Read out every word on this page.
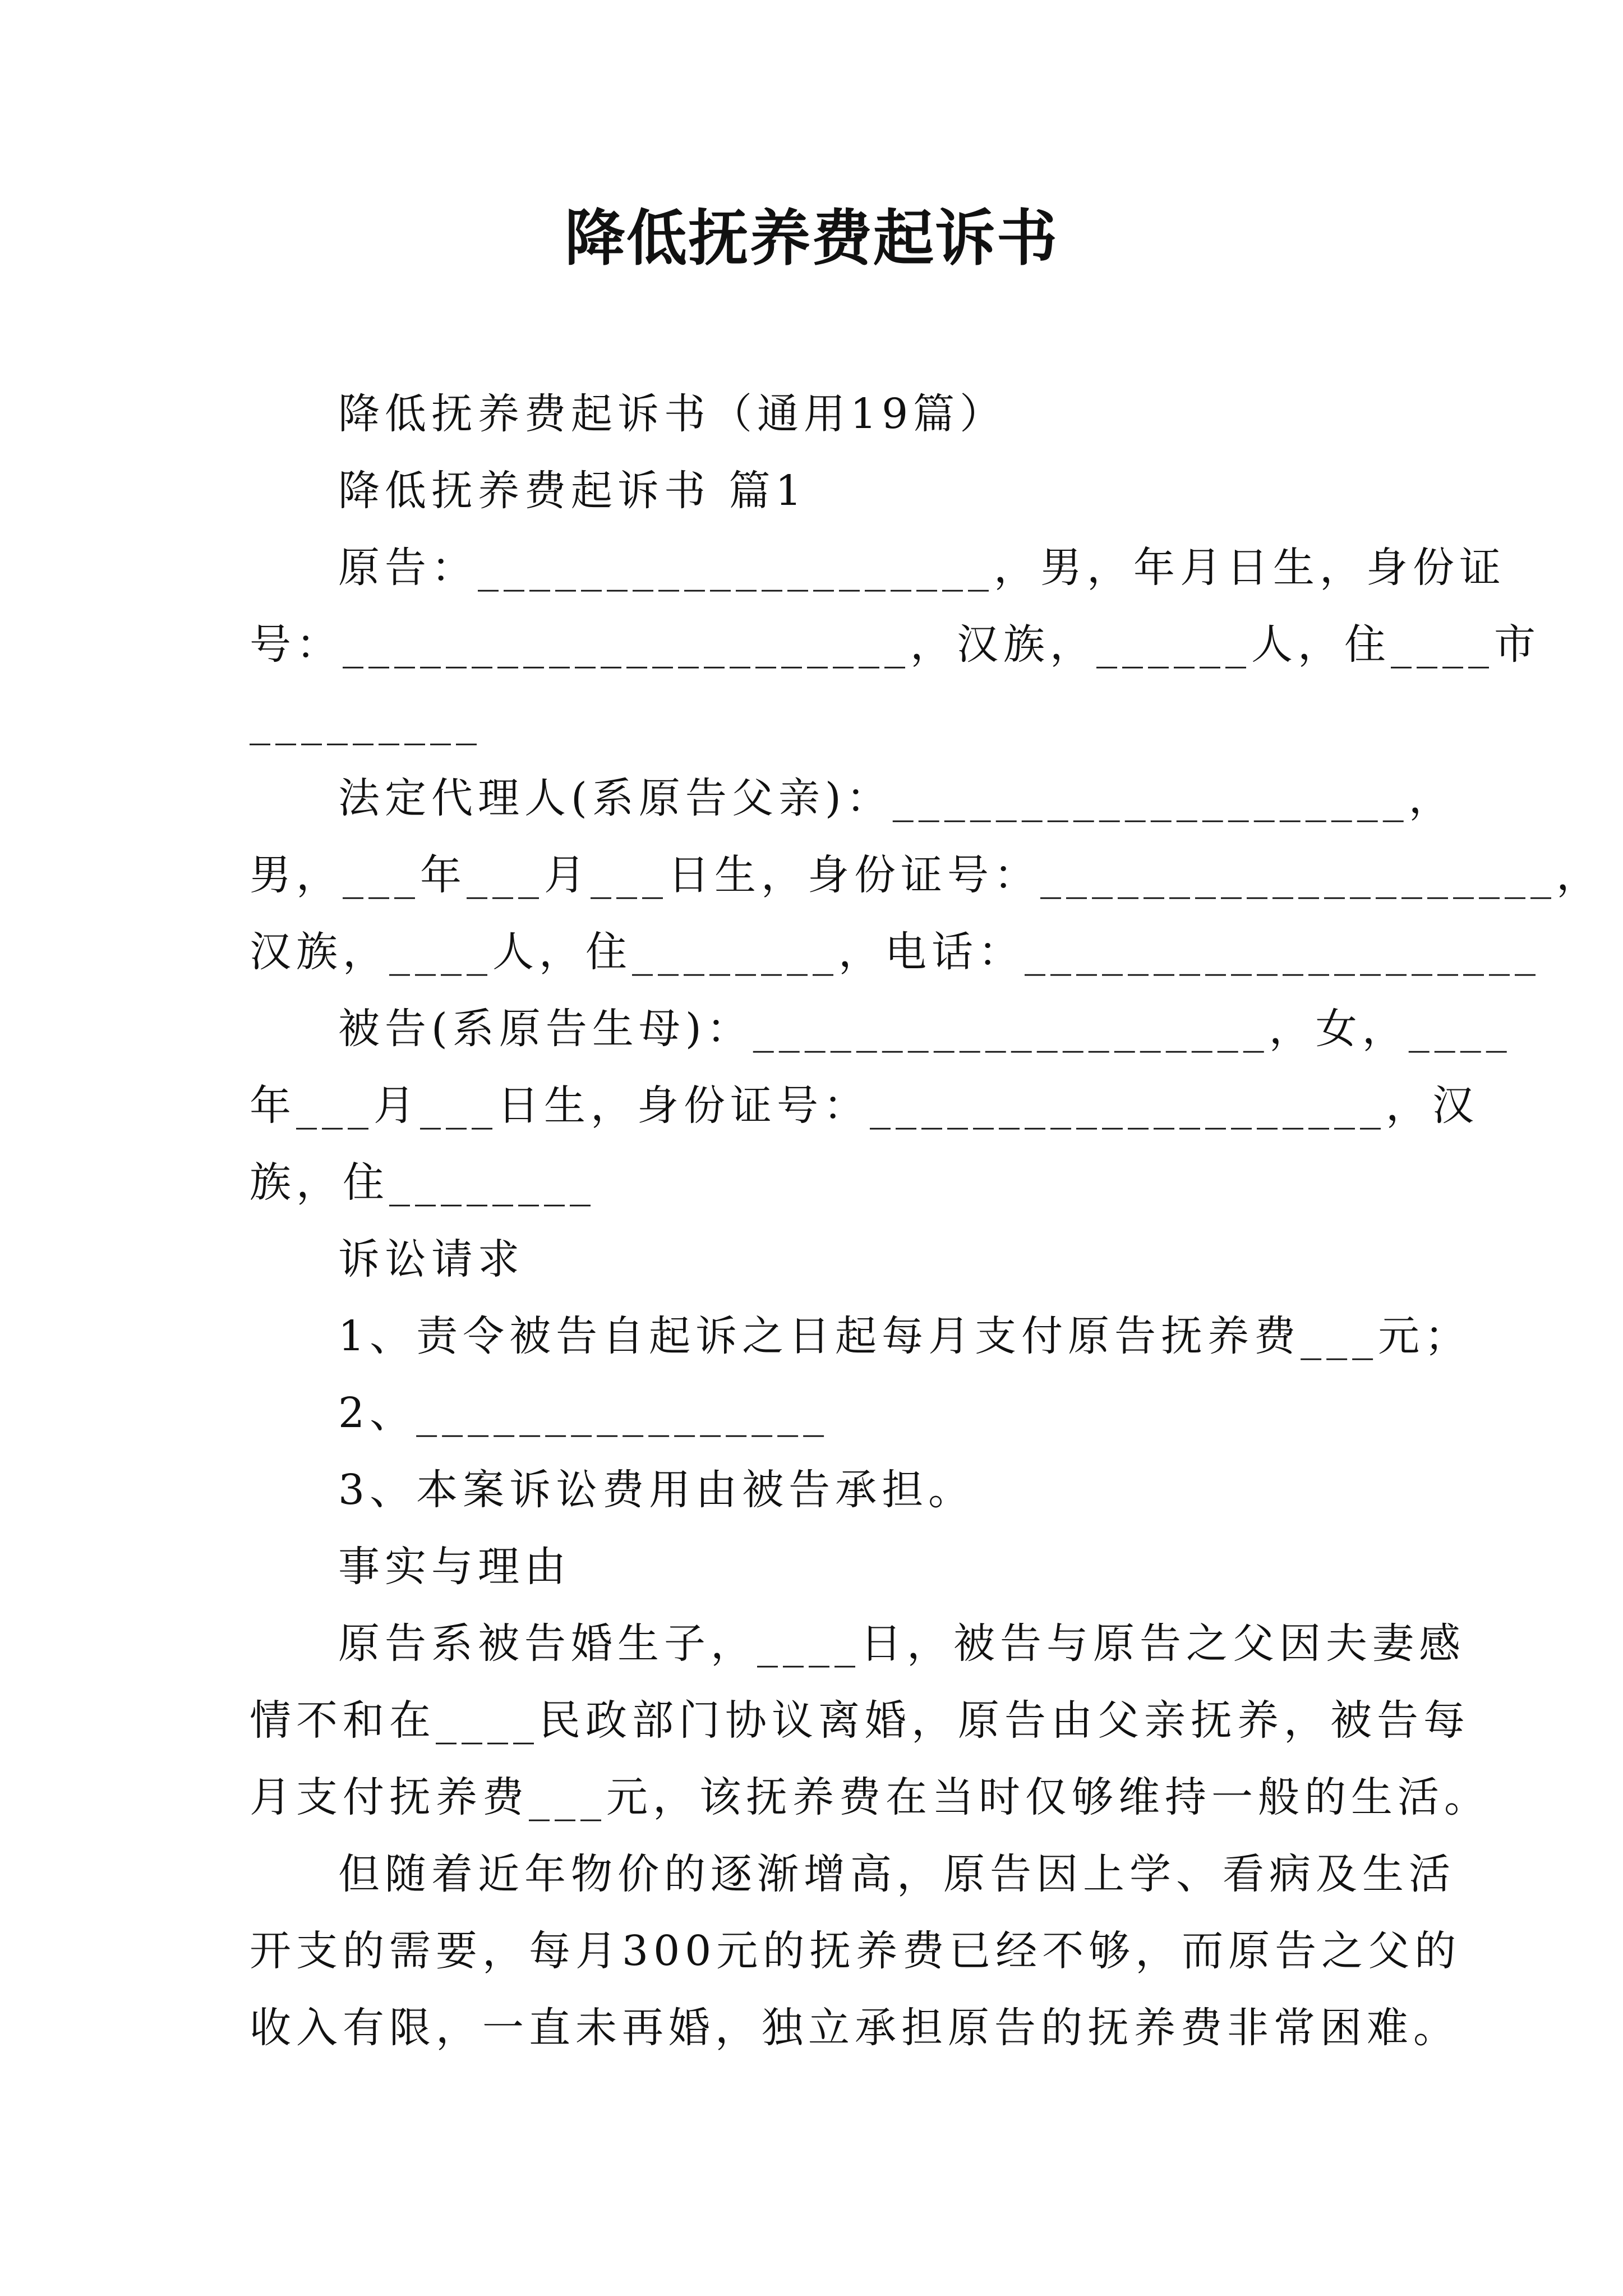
降低抚养费起诉书
降低抚养费起诉书（通用19篇）
降低抚养费起诉书 篇1
原告：____________________，男，年月日生，身份证
号：______________________，汉族，______人，住____市
_________
法定代理人(系原告父亲)：____________________，
男，___年___月___日生，身份证号：____________________，
汉族，____人，住________，电话：____________________
被告(系原告生母)：____________________，女，____
年___月___日生，身份证号：____________________，汉
族，住________
诉讼请求
1、责令被告自起诉之日起每月支付原告抚养费___元；
2、________________
3、本案诉讼费用由被告承担。
事实与理由
原告系被告婚生子，____日，被告与原告之父因夫妻感
情不和在____民政部门协议离婚，原告由父亲抚养，被告每
月支付抚养费___元，该抚养费在当时仅够维持一般的生活。
但随着近年物价的逐渐增高，原告因上学、看病及生活
开支的需要，每月300元的抚养费已经不够，而原告之父的
收入有限，一直未再婚，独立承担原告的抚养费非常困难。
